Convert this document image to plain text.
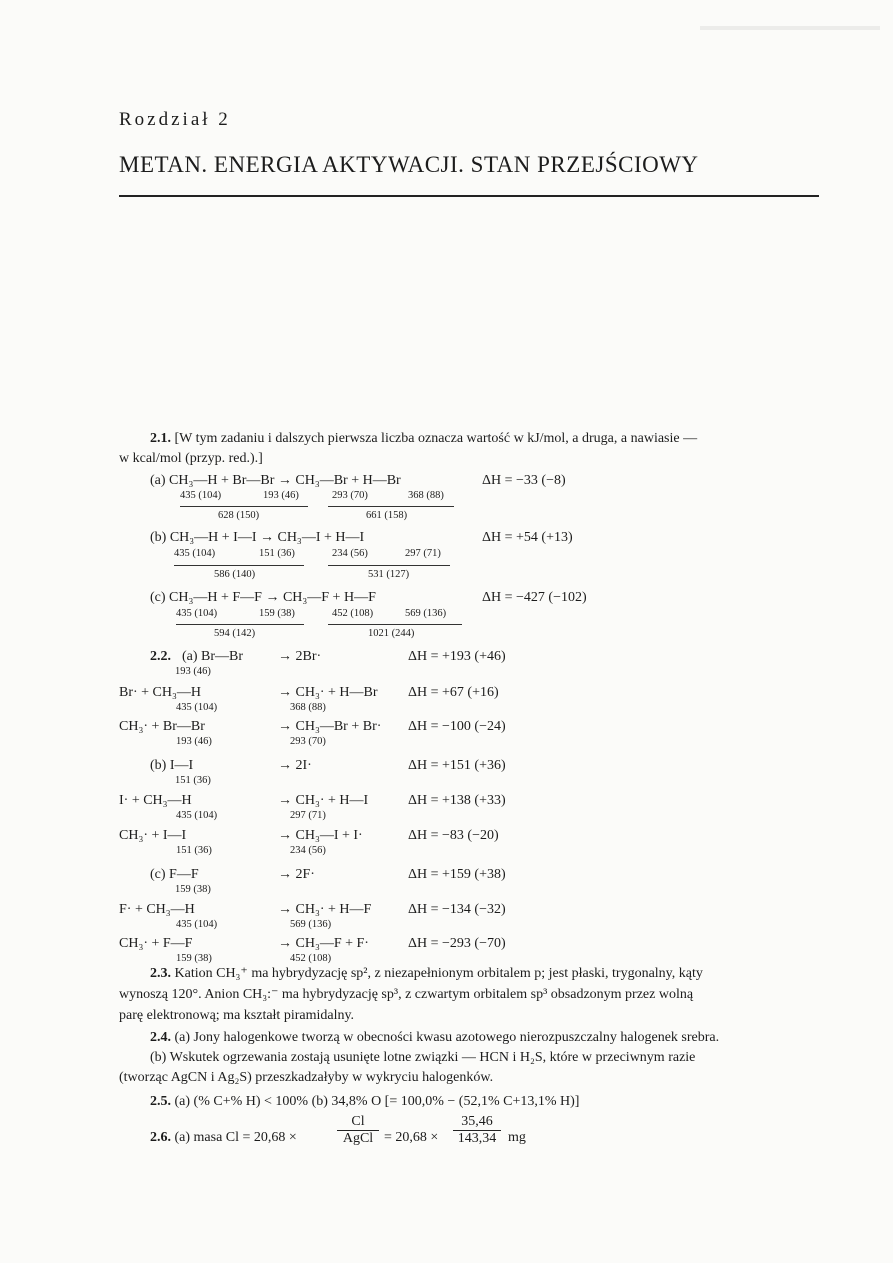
Rozdział 2
METAN. ENERGIA AKTYWACJI. STAN PRZEJŚCIOWY
2.1. [W tym zadaniu i dalszych pierwsza liczba oznacza wartość w kJ/mol, a druga, a nawiasie —
w kcal/mol (przyp. red.).]
(a) CH₃—H + Br—Br → CH₃—Br + H—Br	ΔH = −33 (−8)
435 (104)	193 (46)	293 (70)	368 (88)
628 (150)	661 (158)
(b) CH₃—H + I—I → CH₃—I + H—I	ΔH = +54 (+13)
435 (104)	151 (36)	234 (56)	297 (71)
586 (140)	531 (127)
(c) CH₃—H + F—F → CH₃—F + H—F	ΔH = −427 (−102)
435 (104)	159 (38)	452 (108)	569 (136)
594 (142)	1021 (244)
2.2. (a) Br—Br → 2Br·	ΔH = +193 (+46)
193 (46)
Br· + CH₃—H	→ CH₃· + H—Br ΔH = +67 (+16)
435 (104)	368 (88)
CH₃· + Br—Br	→ CH₃—Br + Br· ΔH = −100 (−24)
193 (46)	293 (70)
(b) I—I	→ 2I·	ΔH = +151 (+36)
151 (36)
I· + CH₃—H	→ CH₃· + H—I	ΔH = +138 (+33)
435 (104)	297 (71)
CH₃· + I—I	→ CH₃—I + I·	ΔH = −83 (−20)
151 (36)	234 (56)
(c) F—F	→ 2F·	ΔH = +159 (+38)
159 (38)
F· + CH₃—H	→ CH₃· + H—F	ΔH = −134 (−32)
435 (104)	569 (136)
CH₃· + F—F	→ CH₃—F + F·	ΔH = −293 (−70)
159 (38)	452 (108)
2.3. Kation CH₃⁺ ma hybrydyzację sp², z niezapełnionym orbitalem p; jest płaski, trygonalny, kąty
wynoszą 120°. Anion CH₃:⁻ ma hybrydyzację sp³, z czwartym orbitalem sp³ obsadzonym przez wolną
parę elektronową; ma kształt piramidalny.
2.4. (a) Jony halogenkowe tworzą w obecności kwasu azotowego nierozpuszczalny halogenek srebra.
(b) Wskutek ogrzewania zostają usunięte lotne związki — HCN i H₂S, które w przeciwnym razie
(tworząc AgCN i Ag₂S) przeszkadzałyby w wykryciu halogenków.
2.5. (a) (% C+% H) < 100% (b) 34,8% O [= 100,0% − (52,1% C+13,1% H)]
2.6. (a) masa Cl = 20,68 ×
Cl
AgCl = $20,68 \times \frac{35,46}{143,34}$ mg
